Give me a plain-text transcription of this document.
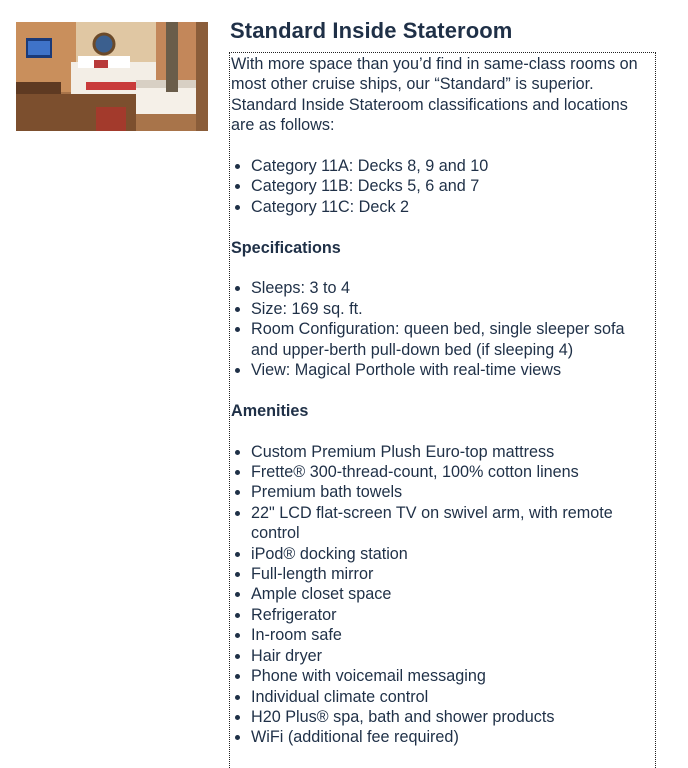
Standard Inside Stateroom

With more space than you’d find in same-class rooms on most other cruise ships, our “Standard” is superior. Standard Inside Stateroom classifications and locations are as follows:

Category 11A: Decks 8, 9 and 10
Category 11B: Decks 5, 6 and 7
Category 11C: Deck 2

Specifications

Sleeps: 3 to 4
Size: 169 sq. ft.
Room Configuration: queen bed, single sleeper sofa and upper-berth pull-down bed (if sleeping 4)
View: Magical Porthole with real-time views

Amenities

Custom Premium Plush Euro-top mattress
Frette® 300-thread-count, 100% cotton linens
Premium bath towels
22" LCD flat-screen TV on swivel arm, with remote control
iPod® docking station
Full-length mirror
Ample closet space
Refrigerator
In-room safe
Hair dryer
Phone with voicemail messaging
Individual climate control
H20 Plus® spa, bath and shower products
WiFi (additional fee required)
